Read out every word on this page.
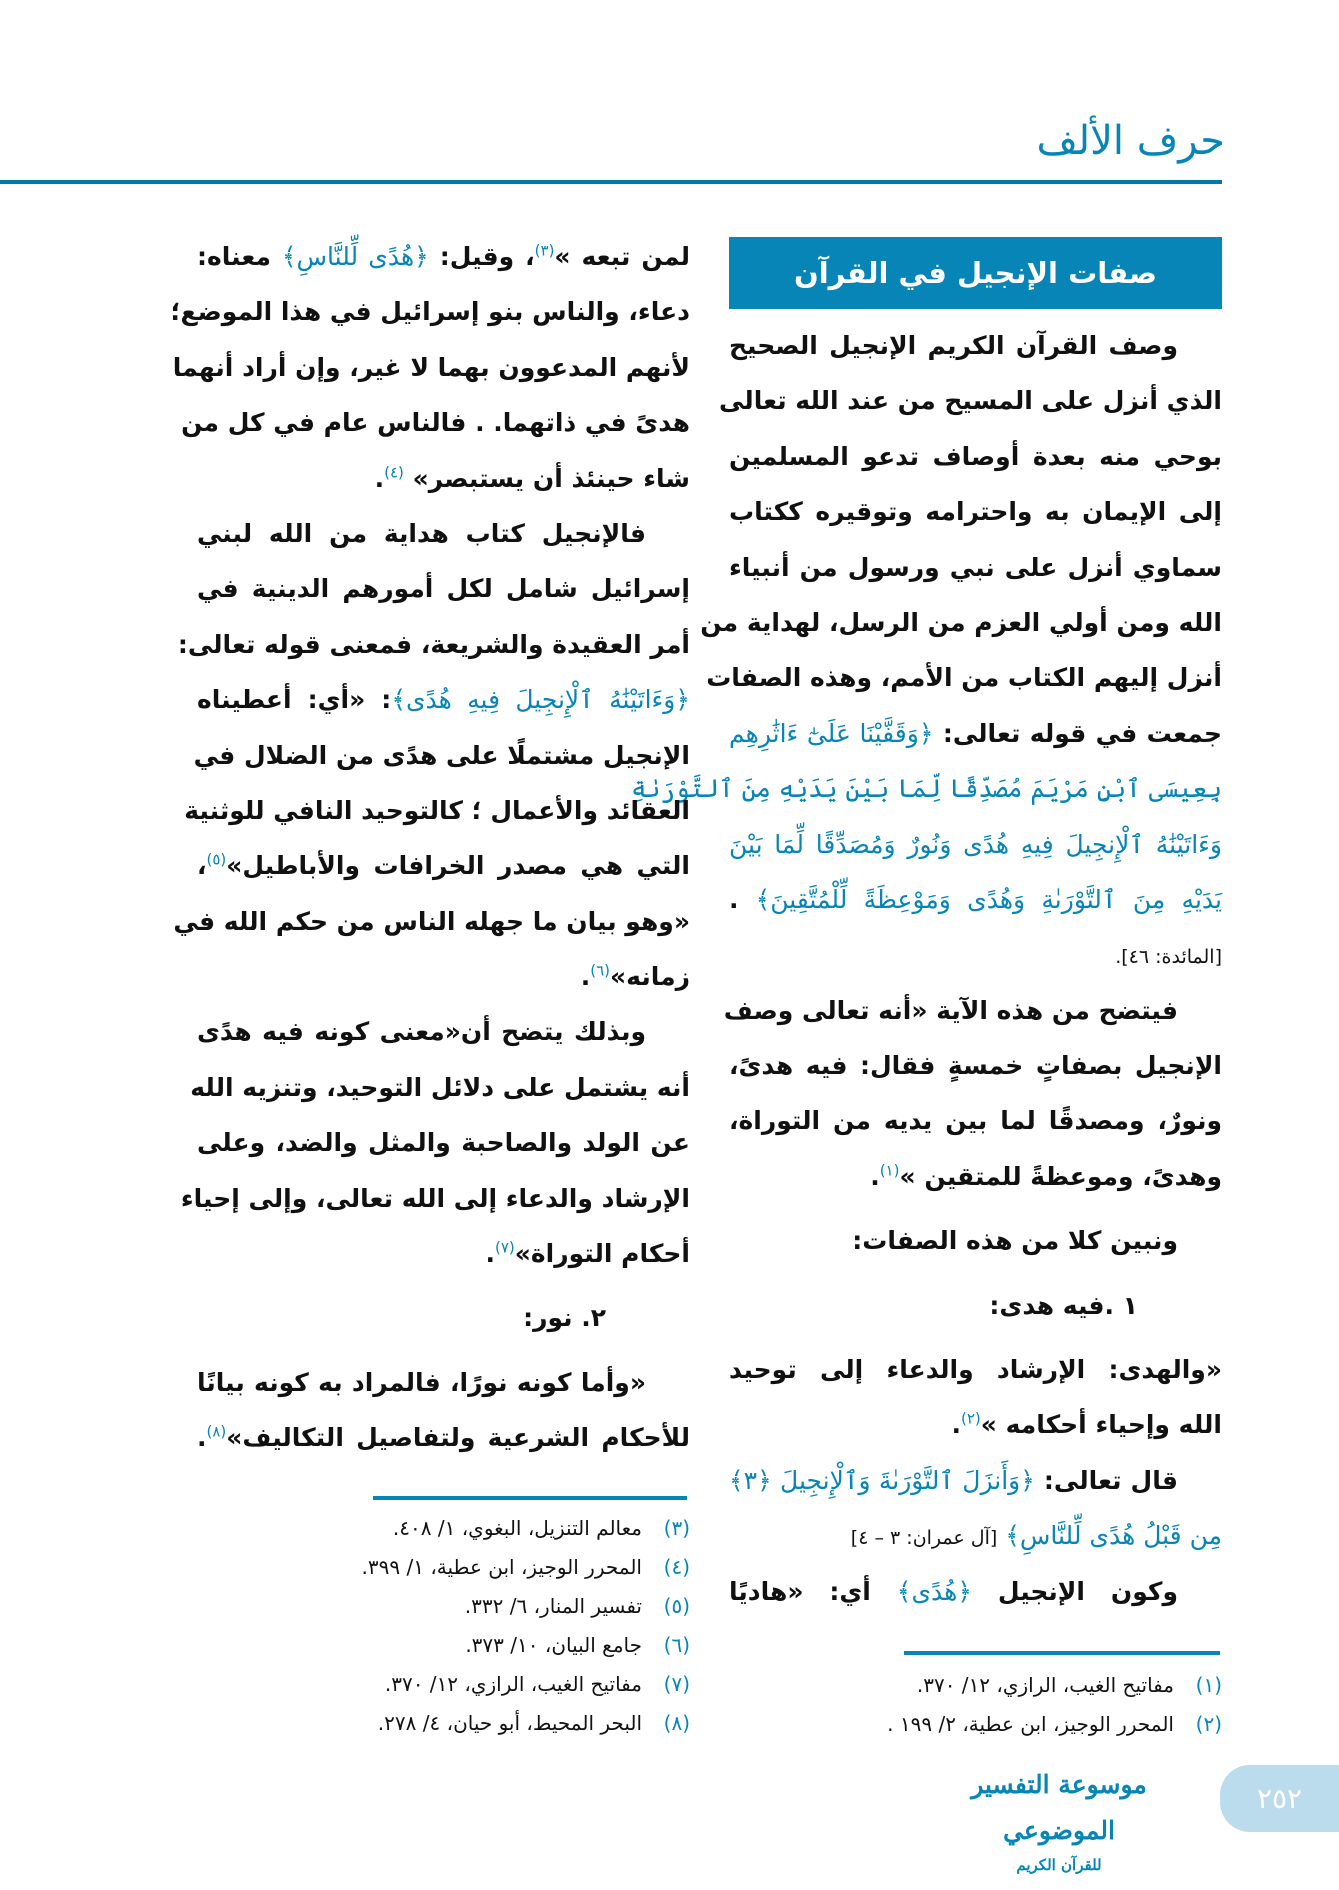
حرف الألف
صفات الإنجيل في القرآن
وصف القرآن الكريم الإنجيل الصحيح
الذي أنزل على المسيح من عند الله تعالى
بوحي منه بعدة أوصاف تدعو المسلمين
إلى الإيمان به واحترامه وتوقيره ككتاب
سماوي أنزل على نبي ورسول من أنبياء
الله ومن أولي العزم من الرسل، لهداية من
أنزل إليهم الكتاب من الأمم، وهذه الصفات
جمعت في قوله تعالى: ﴿وَقَفَّيْنَا عَلَىٰٓ ءَاثَٰرِهِم
بِعِيسَى ٱبْنِ مَرْيَمَ مُصَدِّقًا لِّمَا بَيْنَ يَدَيْهِ مِنَ ٱلتَّوْرَىٰةِ
وَءَاتَيْنَٰهُ ٱلْإِنجِيلَ فِيهِ هُدًى وَنُورٌ وَمُصَدِّقًا لِّمَا بَيْنَ
يَدَيْهِ مِنَ ٱلتَّوْرَىٰةِ وَهُدًى وَمَوْعِظَةً لِّلْمُتَّقِينَ﴾ .
[المائدة: ٤٦].
فيتضح من هذه الآية «أنه تعالى وصف
الإنجيل بصفاتٍ خمسةٍ فقال: فيه هدىً،
ونورٌ، ومصدقًا لما بين يديه من التوراة،
وهدىً، وموعظةً للمتقين »$^{(١)}$.
ونبين كلا من هذه الصفات:
١ .فيه هدى:
«والهدى: الإرشاد والدعاء إلى توحيد
الله وإحياء أحكامه »$^{(٢)}$.
قال تعالى: ﴿وَأَنزَلَ ٱلتَّوْرَىٰةَ وَٱلْإِنجِيلَ ﴿٣﴾
مِن قَبْلُ هُدًى لِّلنَّاسِ﴾ [آل عمران: ٣ – ٤]
وكون الإنجيل ﴿هُدًى﴾ أي: «هاديًا
لمن تبعه »$^{(٣)}$، وقيل: ﴿هُدًى لِّلنَّاسِ﴾ معناه:
دعاء، والناس بنو إسرائيل في هذا الموضع؛
لأنهم المدعوون بهما لا غير، وإن أراد أنهما
هدىً في ذاتهما. . فالناس عام في كل من
شاء حينئذ أن يستبصر» $^{(٤)}$.
فالإنجيل كتاب هداية من الله لبني
إسرائيل شامل لكل أمورهم الدينية في
أمر العقيدة والشريعة، فمعنى قوله تعالى:
﴿وَءَاتَيْنَٰهُ ٱلْإِنجِيلَ فِيهِ هُدًى﴾: «أي: أعطيناه
الإنجيل مشتملًا على هدًى من الضلال في
العقائد والأعمال ؛ كالتوحيد النافي للوثنية
التي هي مصدر الخرافات والأباطيل»$^{(٥)}$،
«وهو بيان ما جهله الناس من حكم الله في
زمانه»$^{(٦)}$.
وبذلك يتضح أن«معنى كونه فيه هدًى
أنه يشتمل على دلائل التوحيد، وتنزيه الله
عن الولد والصاحبة والمثل والضد، وعلى
الإرشاد والدعاء إلى الله تعالى، وإلى إحياء
أحكام التوراة»$^{(٧)}$.
٢. نور:
«وأما كونه نورًا، فالمراد به كونه بيانًا
للأحكام الشرعية ولتفاصيل التكاليف»$^{(٨)}$.
(١)مفاتيح الغيب، الرازي، ١٢/ ٣٧٠.
(٢)المحرر الوجيز، ابن عطية، ٢/ ١٩٩ .
(٣)معالم التنزيل، البغوي، ١/ ٤٠٨.
(٤)المحرر الوجيز، ابن عطية، ١/ ٣٩٩.
(٥)تفسير المنار، ٦/ ٣٣٢.
(٦)جامع البيان، ١٠/ ٣٧٣.
(٧)مفاتيح الغيب، الرازي، ١٢/ ٣٧٠.
(٨)البحر المحيط، أبو حيان، ٤/ ٢٧٨.
موسوعة التفسير الموضوعي
للقرآن الكريم
٢٥٢
